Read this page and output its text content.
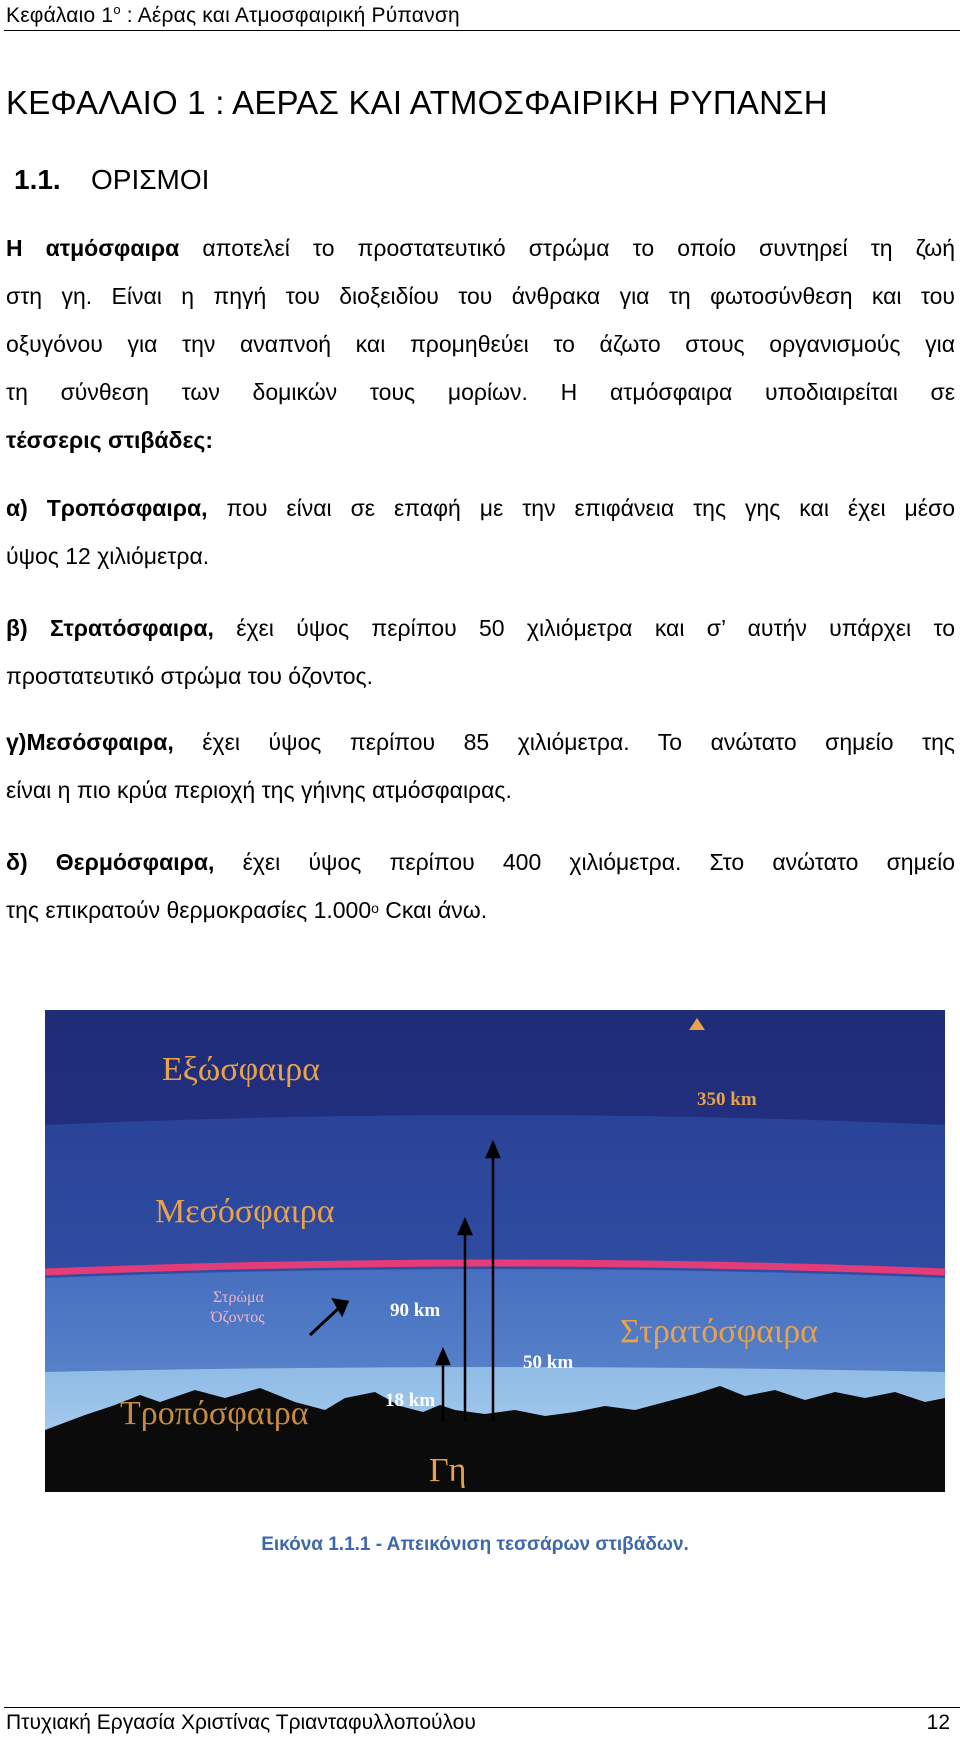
Κεφάλαιο $1^o$ : Αέρας και Ατμοσφαιρική Ρύπανση
ΚΕΦΑΛΑΙΟ 1 : ΑΕΡΑΣ ΚΑΙ ΑΤΜΟΣΦΑΙΡΙΚΗ ΡΥΠΑΝΣΗ
1.1. ΟΡΙΣΜΟΙ
Η ατμόσφαιρα αποτελεί το προστατευτικό στρώμα το οποίο συντηρεί τη ζωή
στη γη. Είναι η πηγή του διοξειδίου του άνθρακα για τη φωτοσύνθεση και του
οξυγόνου για την αναπνοή και προμηθεύει το άζωτο στους οργανισμούς για
τη σύνθεση των δομικών τους μορίων. Η ατμόσφαιρα υποδιαιρείται σε
τέσσερις στιβάδες:
α) Τροπόσφαιρα, που είναι σε επαφή με την επιφάνεια της γης και έχει μέσο
ύψος 12 χιλιόμετρα.
β) Στρατόσφαιρα, έχει ύψος περίπου 50 χιλιόμετρα και σ’ αυτήν υπάρχει το
προστατευτικό στρώμα του όζοντος.
γ)Μεσόσφαιρα, έχει ύψος περίπου 85 χιλιόμετρα. Το ανώτατο σημείο της
είναι η πιο κρύα περιοχή της γήινης ατμόσφαιρας.
δ) Θερμόσφαιρα, έχει ύψος περίπου 400 χιλιόμετρα. Στο ανώτατο σημείο
της επικρατούν θερμοκρασίες $1.000^o$ Cκαι άνω.
Εξώσφαιρα
350 km
Μεσόσφαιρα
90 km
Στρατόσφαιρα
50 km
Τροπόσφαιρα	18 km
Στρώμα
Όζοντος
Γη
Εικόνα 1.1.1 - Απεικόνιση τεσσάρων στιβάδων.
Πτυχιακή Εργασία Χριστίνας Τριανταφυλλοπούλου	12
